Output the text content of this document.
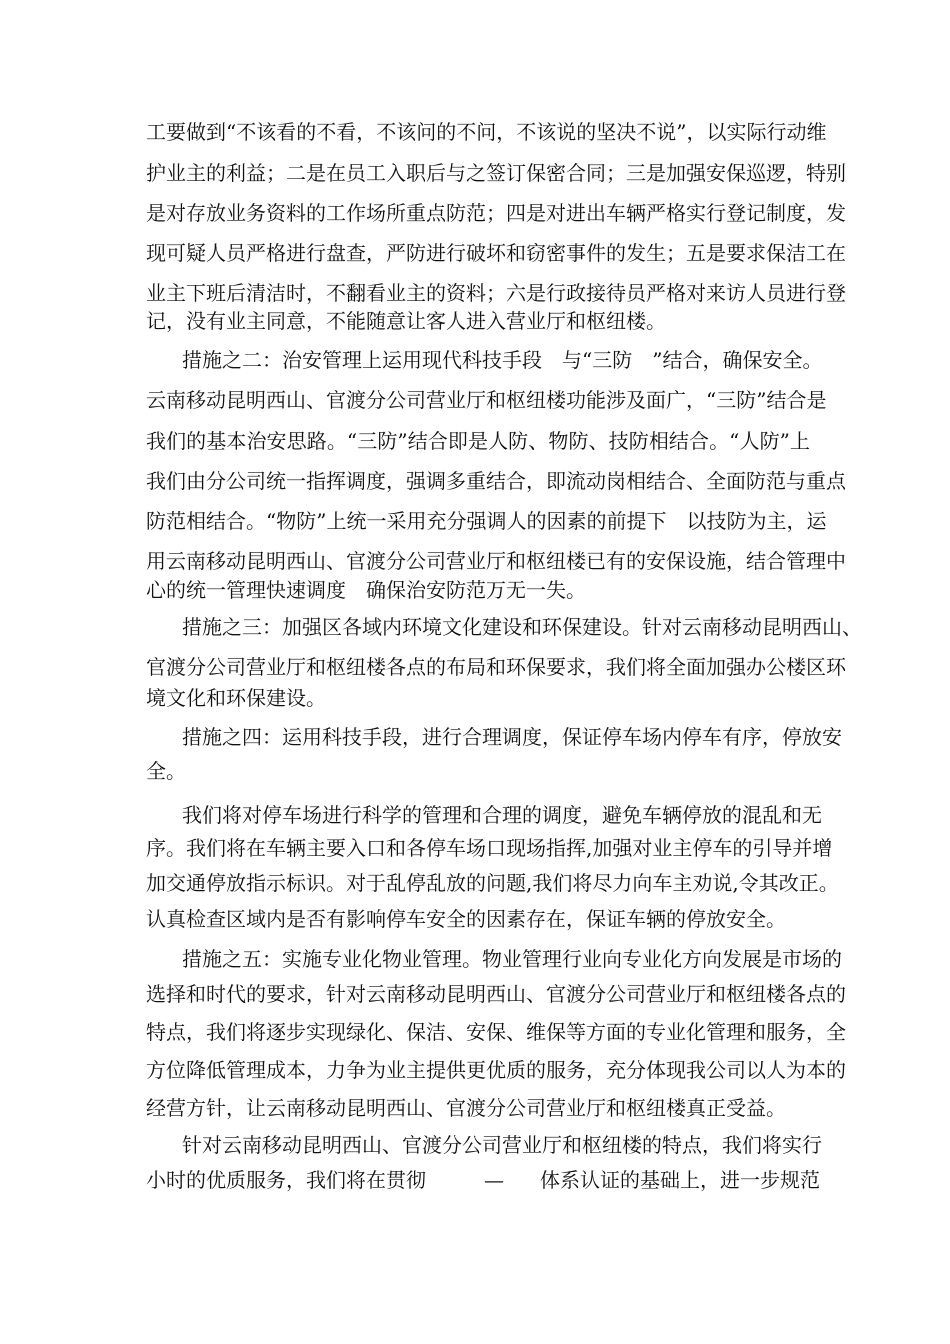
工要做到“不该看的不看，不该问的不问，不该说的坚决不说”，以实际行动维
护业主的利益；二是在员工入职后与之签订保密合同；三是加强安保巡逻，特别
是对存放业务资料的工作场所重点防范；四是对进出车辆严格实行登记制度，发
现可疑人员严格进行盘查，严防进行破坏和窃密事件的发生；五是要求保洁工在
业主下班后清洁时，不翻看业主的资料；六是行政接待员严格对来访人员进行登
记，没有业主同意，不能随意让客人进入营业厅和枢纽楼。
措施之二：治安管理上运用现代科技手段　与“三防　”结合，确保安全。
云南移动昆明西山、官渡分公司营业厅和枢纽楼功能涉及面广，“三防”结合是
我们的基本治安思路。“三防”结合即是人防、物防、技防相结合。“人防”上
我们由分公司统一指挥调度，强调多重结合，即流动岗相结合、全面防范与重点
防范相结合。“物防”上统一采用充分强调人的因素的前提下　以技防为主，运
用云南移动昆明西山、官渡分公司营业厅和枢纽楼已有的安保设施，结合管理中
心的统一管理快速调度　确保治安防范万无一失。
措施之三：加强区各域内环境文化建设和环保建设。针对云南移动昆明西山、
官渡分公司营业厅和枢纽楼各点的布局和环保要求，我们将全面加强办公楼区环
境文化和环保建设。
措施之四：运用科技手段，进行合理调度，保证停车场内停车有序，停放安
全。
我们将对停车场进行科学的管理和合理的调度，避免车辆停放的混乱和无
序。我们将在车辆主要入口和各停车场口现场指挥,加强对业主停车的引导并增
加交通停放指示标识。对于乱停乱放的问题,我们将尽力向车主劝说,令其改正。
认真检查区域内是否有影响停车安全的因素存在，保证车辆的停放安全。
措施之五：实施专业化物业管理。物业管理行业向专业化方向发展是市场的
选择和时代的要求，针对云南移动昆明西山、官渡分公司营业厅和枢纽楼各点的
特点，我们将逐步实现绿化、保洁、安保、维保等方面的专业化管理和服务，全
方位降低管理成本，力争为业主提供更优质的服务，充分体现我公司以人为本的
经营方针，让云南移动昆明西山、官渡分公司营业厅和枢纽楼真正受益。
针对云南移动昆明西山、官渡分公司营业厅和枢纽楼的特点，我们将实行
小时的优质服务，我们将在贯彻	— 体系认证的基础上，进一步规范
